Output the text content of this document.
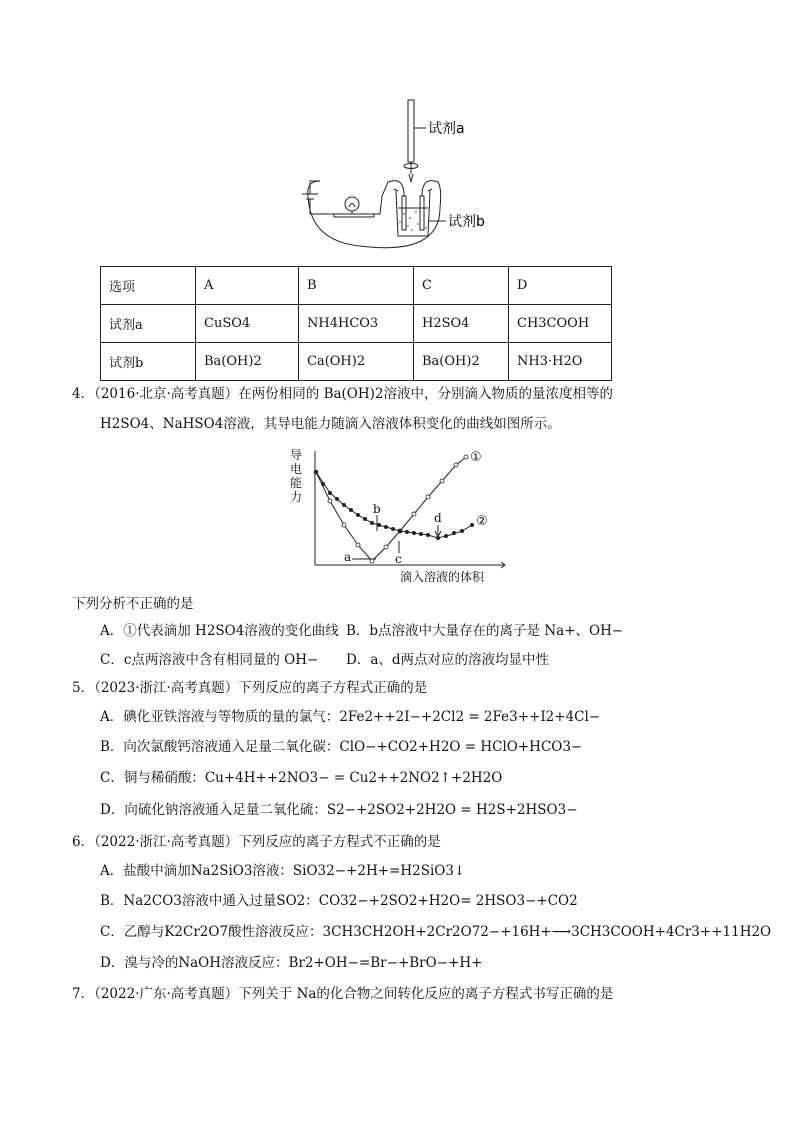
试剂a
试剂b
选项	A	B	C	D
试剂a	CuSO4	NH4HCO3	H2SO4	CH3COOH
试剂b	Ba(OH)2	Ca(OH)2	Ba(OH)2	NH3·H2O
4．（2016·北京·高考真题）在两份相同的 Ba(OH)2溶液中，分别滴入物质的量浓度相等的
H2SO4、NaHSO4溶液，其导电能力随滴入溶液体积变化的曲线如图所示。
导
电
能
力
滴入溶液的体积
①
②
a
b
c
d
下列分析不正确的是
A．①代表滴加 H2SO4溶液的变化曲线 B．b点溶液中大量存在的离子是 Na+、OH−
C．c点两溶液中含有相同量的 OH− D．a、d两点对应的溶液均显中性
5．（2023·浙江·高考真题）下列反应的离子方程式正确的是
A．碘化亚铁溶液与等物质的量的氯气：2Fe2++2I−+2Cl2 = 2Fe3++I2+4Cl−
B．向次氯酸钙溶液通入足量二氧化碳：ClO−+CO2+H2O = HClO+HCO3−
C．铜与稀硝酸：Cu+4H++2NO3− = Cu2++2NO2↑+2H2O
D．向硫化钠溶液通入足量二氧化硫：S2−+2SO2+2H2O = H2S+2HSO3−
6．（2022·浙江·高考真题）下列反应的离子方程式不正确的是
A．盐酸中滴加Na2SiO3溶液：SiO32−+2H+=H2SiO3↓
B．Na2CO3溶液中通入过量SO2：CO32−+2SO2+H2O= 2HSO3−+CO2
C．乙醇与K2Cr2O7酸性溶液反应：3CH3CH2OH+2Cr2O72−+16H+⟶3CH3COOH+4Cr3++11H2O
D．溴与冷的NaOH溶液反应：Br2+OH−=Br−+BrO−+H+
7．（2022·广东·高考真题）下列关于 Na的化合物之间转化反应的离子方程式书写正确的是
